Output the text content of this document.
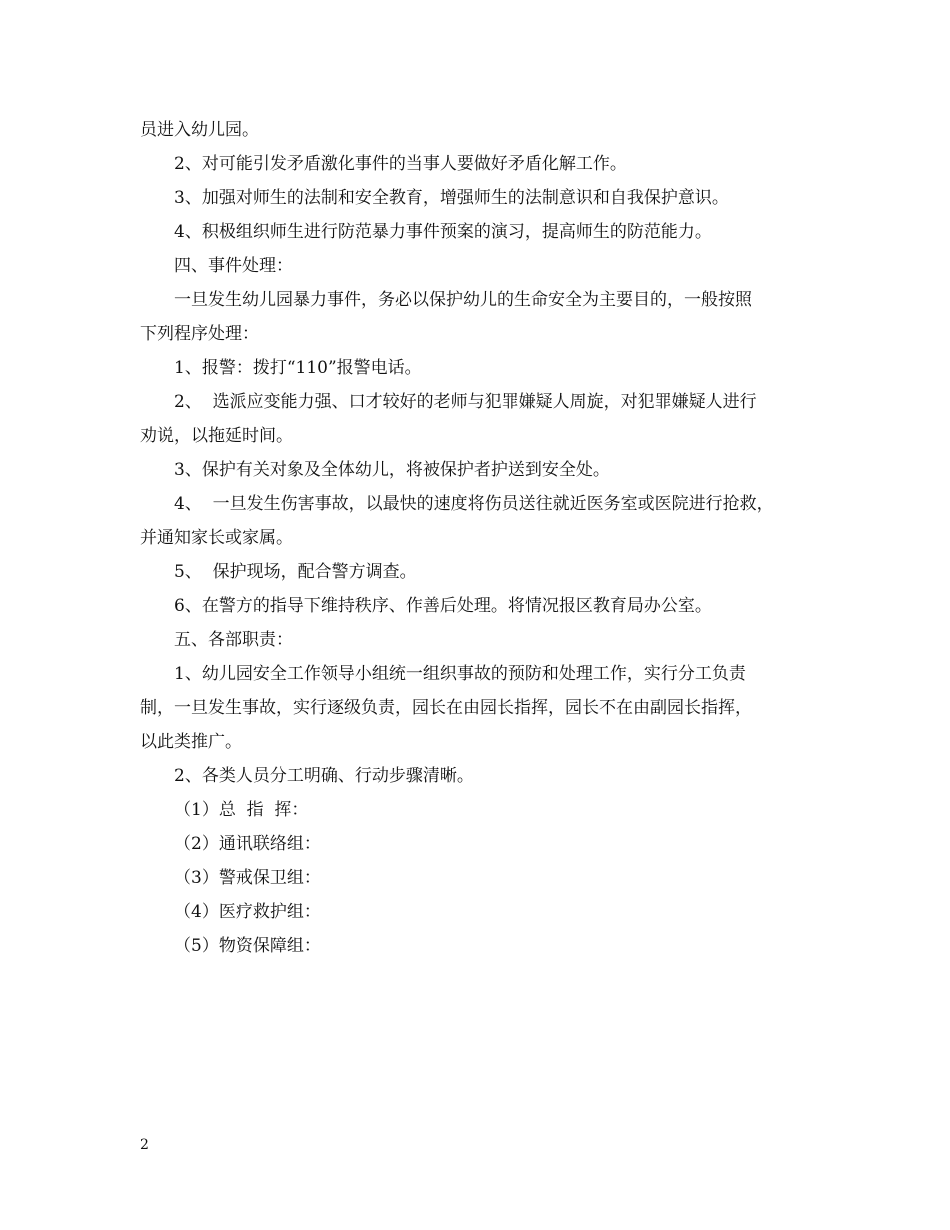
员进入幼儿园。
2、对可能引发矛盾激化事件的当事人要做好矛盾化解工作。
3、加强对师生的法制和安全教育，增强师生的法制意识和自我保护意识。
4、积极组织师生进行防范暴力事件预案的演习，提高师生的防范能力。
四、事件处理：
一旦发生幼儿园暴力事件，务必以保护幼儿的生命安全为主要目的，一般按照
下列程序处理：
1、报警：拨打“110”报警电话。
2、  选派应变能力强、口才较好的老师与犯罪嫌疑人周旋，对犯罪嫌疑人进行
劝说，以拖延时间。
3、保护有关对象及全体幼儿，将被保护者护送到安全处。
4、  一旦发生伤害事故，以最快的速度将伤员送往就近医务室或医院进行抢救，
并通知家长或家属。
5、  保护现场，配合警方调查。
6、在警方的指导下维持秩序、作善后处理。将情况报区教育局办公室。
五、各部职责：
1、幼儿园安全工作领导小组统一组织事故的预防和处理工作，实行分工负责
制，一旦发生事故，实行逐级负责，园长在由园长指挥，园长不在由副园长指挥，
以此类推广。
2、各类人员分工明确、行动步骤清晰。
（1）总  指  挥：
（2）通讯联络组：
（3）警戒保卫组：
（4）医疗救护组：
（5）物资保障组：
2
